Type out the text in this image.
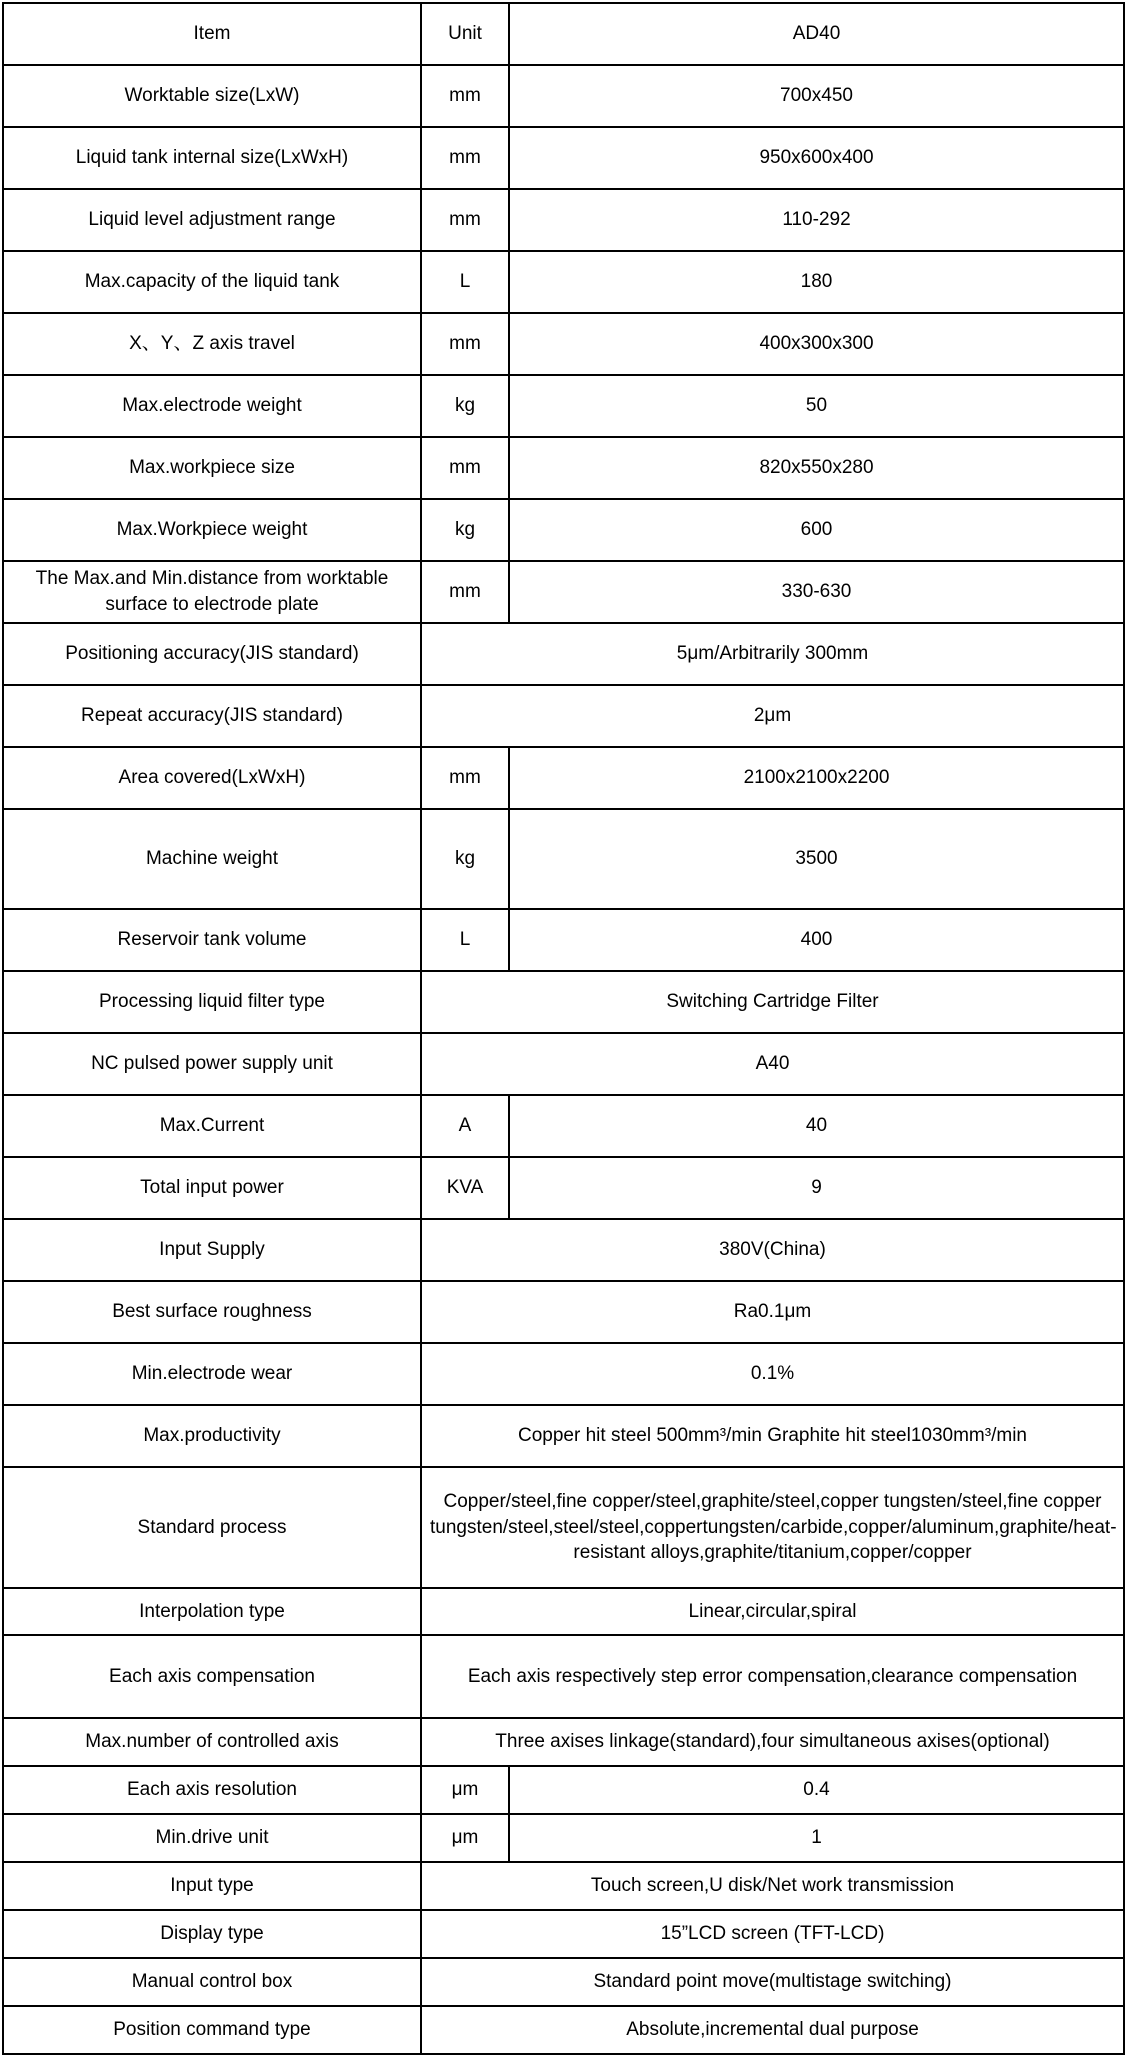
Item	Unit	AD40
Worktable size(LxW)	mm	700x450
Liquid tank internal size(LxWxH)	mm	950x600x400
Liquid level adjustment range	mm	110-292
Max.capacity of the liquid tank	L	180
X、Y、Z axis travel	mm	400x300x300
Max.electrode weight	kg	50
Max.workpiece size	mm	820x550x280
Max.Workpiece weight	kg	600
The Max.and Min.distance from worktable surface to electrode plate	mm	330-630
Positioning accuracy(JIS standard)	5μm/Arbitrarily 300mm	
Repeat accuracy(JIS standard)	2μm	
Area covered(LxWxH)	mm	2100x2100x2200
Machine weight	kg	3500
Reservoir tank volume	L	400
Processing liquid filter type	Switching Cartridge Filter	
NC pulsed power supply unit	A40	
Max.Current	A	40
Total input power	KVA	9
Input Supply	380V(China)	
Best surface roughness	Ra0.1μm	
Min.electrode wear	0.1%	
Max.productivity	Copper hit steel 500mm³/min Graphite hit steel1030mm³/min	
Standard process	Copper/steel,fine copper/steel,graphite/steel,copper tungsten/steel,fine copper tungsten/steel,steel/steel,coppertungsten/carbide,copper/aluminum,graphite/heat-resistant alloys,graphite/titanium,copper/copper	
Interpolation type	Linear,circular,spiral	
Each axis compensation	Each axis respectively step error compensation,clearance compensation	
Max.number of controlled axis	Three axises linkage(standard),four simultaneous axises(optional)	
Each axis resolution	μm	0.4
Min.drive unit	μm	1
Input type	Touch screen,U disk/Net work transmission	
Display type	15”LCD screen (TFT-LCD)	
Manual control box	Standard point move(multistage switching)	
Position command type	Absolute,incremental dual purpose	
